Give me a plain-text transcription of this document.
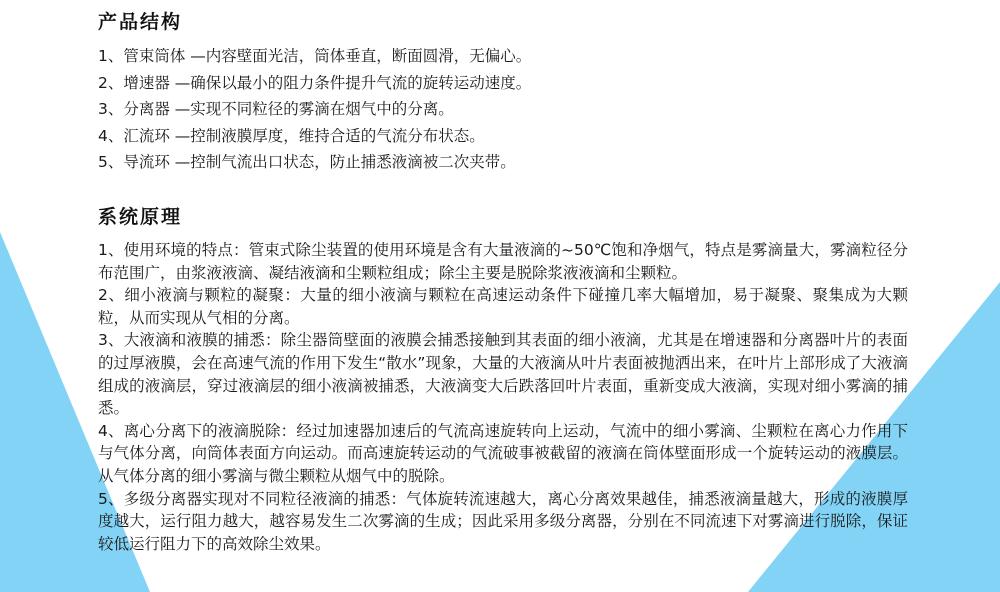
产品结构
1、管束筒体 —内容壁面光洁，筒体垂直，断面圆滑，无偏心。
2、增速器 —确保以最小的阻力条件提升气流的旋转运动速度。
3、分离器 —实现不同粒径的雾滴在烟气中的分离。
4、汇流环 —控制液膜厚度，维持合适的气流分布状态。
5、导流环 —控制气流出口状态，防止捕悉液滴被二次夹带。
系统原理
1、使用环境的特点：管束式除尘装置的使用环境是含有大量液滴的~50℃饱和净烟气，特点是雾滴量大，雾滴粒径分布范围广，由浆液液滴、凝结液滴和尘颗粒组成；除尘主要是脱除浆液液滴和尘颗粒。
2、细小液滴与颗粒的凝聚：大量的细小液滴与颗粒在高速运动条件下碰撞几率大幅增加，易于凝聚、聚集成为大颗粒，从而实现从气相的分离。
3、大液滴和液膜的捕悉：除尘器筒壁面的液膜会捕悉接触到其表面的细小液滴，尤其是在增速器和分离器叶片的表面的过厚液膜，会在高速气流的作用下发生“散水”现象，大量的大液滴从叶片表面被抛洒出来，在叶片上部形成了大液滴组成的液滴层，穿过液滴层的细小液滴被捕悉，大液滴变大后跌落回叶片表面，重新变成大液滴，实现对细小雾滴的捕悉。
4、离心分离下的液滴脱除：经过加速器加速后的气流高速旋转向上运动，气流中的细小雾滴、尘颗粒在离心力作用下与气体分离，向筒体表面方向运动。而高速旋转运动的气流破事被截留的液滴在筒体壁面形成一个旋转运动的液膜层。从气体分离的细小雾滴与微尘颗粒从烟气中的脱除。
5、多级分离器实现对不同粒径液滴的捕悉：气体旋转流速越大，离心分离效果越佳，捕悉液滴量越大，形成的液膜厚度越大，运行阻力越大，越容易发生二次雾滴的生成；因此采用多级分离器，分别在不同流速下对雾滴进行脱除，保证较低运行阻力下的高效除尘效果。
